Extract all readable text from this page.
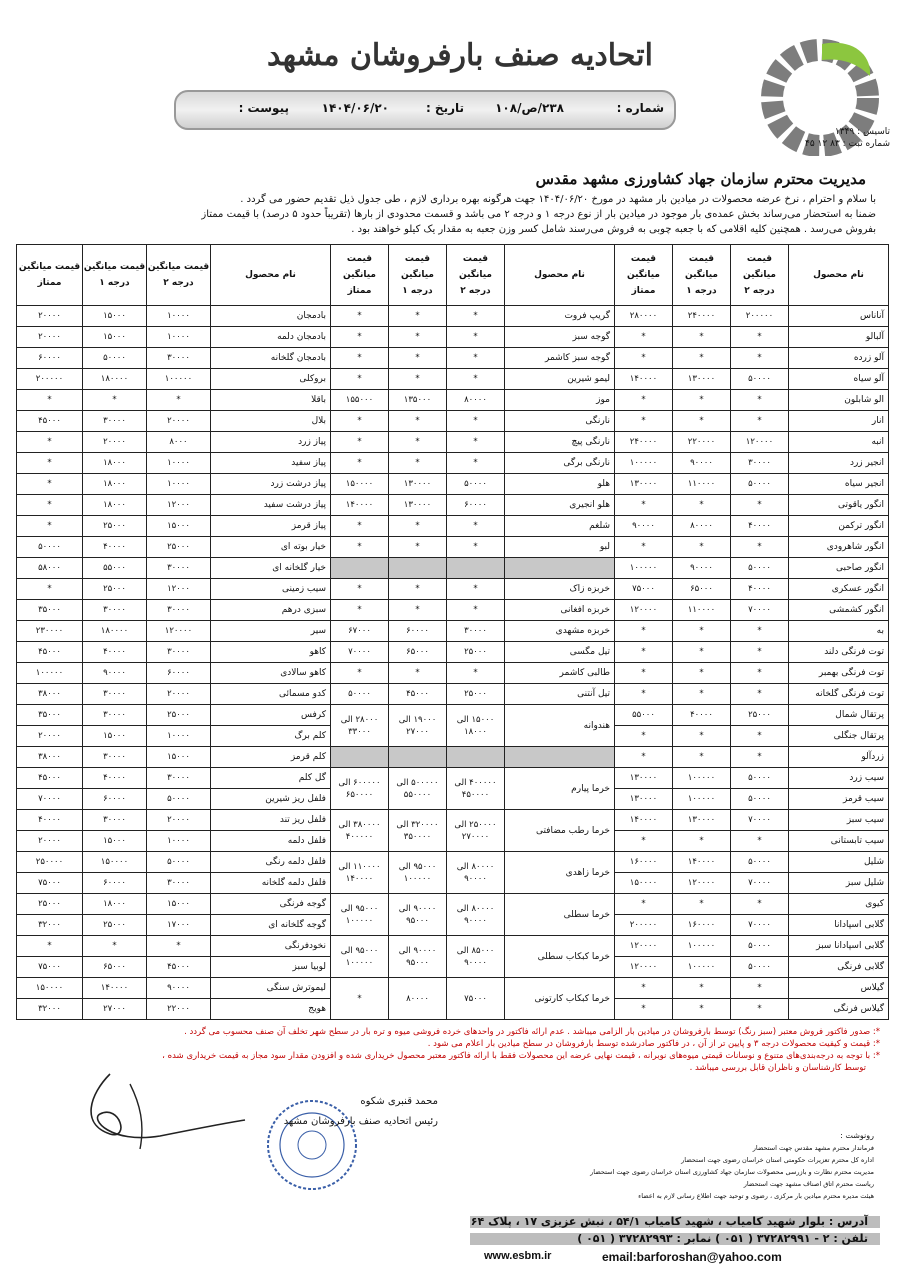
اتحادیه صنف بارفروشان مشهد
شماره :
۲۳۸/ص/۱۰۸
تاریخ :
۱۴۰۴/۰۶/۲۰
پیوست :
تاسیس : ۱۳۴۹
شماره ثبت : ۸۳ ۱۲ ۴۵
مدیریت محترم سازمان جهاد کشاورزی مشهد مقدس
با سلام و احترام ، نرخ عرضه محصولات در میادین بار مشهد در مورخ ۱۴۰۴/۰۶/۲۰ جهت هرگونه بهره برداری لازم ، طی جدول ذیل تقدیم حضور می گردد .
ضمنا به استحضار می‌رساند بخش عمده‌ی بار موجود در میادین بار از نوع درجه ۱ و درجه ۲ می باشد و قسمت محدودی از بارها (تقریباً حدود ۵ درصد) با قیمت ممتاز
بفروش می‌رسد . همچنین کلیه اقلامی که با جعبه چوبی به فروش می‌رسند شامل کسر وزن جعبه به مقدار یک کیلو خواهند بود .
نام محصول	قیمت میانگین درجه ۲	قیمت میانگین درجه ۱	قیمت میانگین ممتاز	نام محصول	قیمت میانگین درجه ۲	قیمت میانگین درجه ۱	قیمت میانگین ممتاز	نام محصول	قیمت میانگین درجه ۲	قیمت میانگین درجه ۱	قیمت میانگین ممتاز
آناناس	۲۰۰۰۰۰	۲۴۰۰۰۰	۲۸۰۰۰۰	گریپ فروت	*	*	*	بادمجان	۱۰۰۰۰	۱۵۰۰۰	۲۰۰۰۰
آلبالو	*	*	*	گوجه سبز	*	*	*	بادمجان دلمه	۱۰۰۰۰	۱۵۰۰۰	۲۰۰۰۰
آلو زرده	*	*	*	گوجه سبز کاشمر	*	*	*	بادمجان گلخانه	۳۰۰۰۰	۵۰۰۰۰	۶۰۰۰۰
آلو سیاه	۵۰۰۰۰	۱۳۰۰۰۰	۱۴۰۰۰۰	لیمو شیرین	*	*	*	بروکلی	۱۰۰۰۰۰	۱۸۰۰۰۰	۲۰۰۰۰۰
الو شابلون	*	*	*	موز	۸۰۰۰۰	۱۳۵۰۰۰	۱۵۵۰۰۰	باقلا	*	*	*
انار	*	*	*	نارنگی	*	*	*	بلال	۲۰۰۰۰	۳۰۰۰۰	۴۵۰۰۰
انبه	۱۲۰۰۰۰	۲۲۰۰۰۰	۲۴۰۰۰۰	نارنگی پیچ	*	*	*	پیاز زرد	۸۰۰۰	۲۰۰۰۰	*
انجیر زرد	۳۰۰۰۰	۹۰۰۰۰	۱۰۰۰۰۰	نارنگی برگی	*	*	*	پیاز سفید	۱۰۰۰۰	۱۸۰۰۰	*
انجیر سیاه	۵۰۰۰۰	۱۱۰۰۰۰	۱۳۰۰۰۰	هلو	۵۰۰۰۰	۱۳۰۰۰۰	۱۵۰۰۰۰	پیاز درشت زرد	۱۰۰۰۰	۱۸۰۰۰	*
انگور یاقوتی	*	*	*	هلو انجیری	۶۰۰۰۰	۱۳۰۰۰۰	۱۴۰۰۰۰	پیاز درشت سفید	۱۲۰۰۰	۱۸۰۰۰	*
انگور ترکمن	۴۰۰۰۰	۸۰۰۰۰	۹۰۰۰۰	شلغم	*	*	*	پیاز قرمز	۱۵۰۰۰	۲۵۰۰۰	*
انگور شاهرودی	*	*	*	لبو	*	*	*	خیار بوته ای	۲۵۰۰۰	۴۰۰۰۰	۵۰۰۰۰
انگور صاحبی	۵۰۰۰۰	۹۰۰۰۰	۱۰۰۰۰۰					خیار گلخانه ای	۳۰۰۰۰	۵۵۰۰۰	۵۸۰۰۰
انگور عسکری	۴۰۰۰۰	۶۵۰۰۰	۷۵۰۰۰	خربزه زاک	*	*	*	سیب زمینی	۱۲۰۰۰	۲۵۰۰۰	*
انگور کشمشی	۷۰۰۰۰	۱۱۰۰۰۰	۱۲۰۰۰۰	خربزه افغانی	*	*	*	سبزی درهم	۳۰۰۰۰	۳۰۰۰۰	۳۵۰۰۰
به	*	*	*	خربزه مشهدی	۳۰۰۰۰	۶۰۰۰۰	۶۷۰۰۰	سیر	۱۲۰۰۰۰	۱۸۰۰۰۰	۲۳۰۰۰۰
توت فرنگی دلند	*	*	*	تیل مگسی	۲۵۰۰۰	۶۵۰۰۰	۷۰۰۰۰	کاهو	۳۰۰۰۰	۴۰۰۰۰	۴۵۰۰۰
توت فرنگی بهمبر	*	*	*	طالبی کاشمر	*	*	*	کاهو سالادی	۶۰۰۰۰	۹۰۰۰۰	۱۰۰۰۰۰
توت فرنگی گلخانه	*	*	*	تیل آنتنی	۲۵۰۰۰	۴۵۰۰۰	۵۰۰۰۰	کدو مسمائی	۲۰۰۰۰	۳۰۰۰۰	۳۸۰۰۰
پرتقال شمال	۲۵۰۰۰	۴۰۰۰۰	۵۵۰۰۰	هندوانه	۱۵۰۰۰ الی ۱۸۰۰۰	۱۹۰۰۰ الی ۲۷۰۰۰	۲۸۰۰۰ الی ۳۳۰۰۰	کرفس	۲۵۰۰۰	۳۰۰۰۰	۳۵۰۰۰
پرتقال جنگلی	*	*	*					کلم برگ	۱۰۰۰۰	۱۵۰۰۰	۲۰۰۰۰
زردآلو	*	*	*					کلم قرمز	۱۵۰۰۰	۳۰۰۰۰	۳۸۰۰۰
سیب زرد	۵۰۰۰۰	۱۰۰۰۰۰	۱۳۰۰۰۰	خرما پیارم	۴۰۰۰۰۰ الی ۴۵۰۰۰۰	۵۰۰۰۰۰ الی ۵۵۰۰۰۰	۶۰۰۰۰۰ الی ۶۵۰۰۰۰	گل کلم	۳۰۰۰۰	۴۰۰۰۰	۴۵۰۰۰
سیب قرمز	۵۰۰۰۰	۱۰۰۰۰۰	۱۳۰۰۰۰					فلفل ریز شیرین	۵۰۰۰۰	۶۰۰۰۰	۷۰۰۰۰
سیب سبز	۷۰۰۰۰	۱۳۰۰۰۰	۱۴۰۰۰۰	خرما رطب مضافتی	۲۵۰۰۰۰ الی ۲۷۰۰۰۰	۳۲۰۰۰۰ الی ۳۵۰۰۰۰	۳۸۰۰۰۰ الی ۴۰۰۰۰۰	فلفل ریز تند	۲۰۰۰۰	۳۰۰۰۰	۴۰۰۰۰
سیب تابستانی	*	*	*					فلفل دلمه	۱۰۰۰۰	۱۵۰۰۰	۲۰۰۰۰
شلیل	۵۰۰۰۰	۱۴۰۰۰۰	۱۶۰۰۰۰	خرما زاهدی	۸۰۰۰۰ الی ۹۰۰۰۰	۹۵۰۰۰ الی ۱۰۰۰۰۰	۱۱۰۰۰۰ الی ۱۴۰۰۰۰	فلفل دلمه رنگی	۵۰۰۰۰	۱۵۰۰۰۰	۲۵۰۰۰۰
شلیل سبز	۷۰۰۰۰	۱۲۰۰۰۰	۱۵۰۰۰۰					فلفل دلمه گلخانه	۳۰۰۰۰	۶۰۰۰۰	۷۵۰۰۰
کیوی	*	*	*	خرما سطلی	۸۰۰۰۰ الی ۹۰۰۰۰	۹۰۰۰۰ الی ۹۵۰۰۰	۹۵۰۰۰ الی ۱۰۰۰۰۰	گوجه فرنگی	۱۵۰۰۰	۱۸۰۰۰	۲۵۰۰۰
گلابی اسپادانا	۷۰۰۰۰	۱۶۰۰۰۰	۲۰۰۰۰۰					گوجه گلخانه ای	۱۷۰۰۰	۲۵۰۰۰	۳۲۰۰۰
گلابی اسپادانا سبز	۵۰۰۰۰	۱۰۰۰۰۰	۱۲۰۰۰۰	خرما کبکاب سطلی	۸۵۰۰۰ الی ۹۰۰۰۰	۹۰۰۰۰ الی ۹۵۰۰۰	۹۵۰۰۰ الی ۱۰۰۰۰۰	نخودفرنگی	*	*	*
گلابی فرنگی	۵۰۰۰۰	۱۰۰۰۰۰	۱۲۰۰۰۰					لوبیا سبز	۴۵۰۰۰	۶۵۰۰۰	۷۵۰۰۰
گیلاس	*	*	*	خرما کبکاب کارتونی	۷۵۰۰۰	۸۰۰۰۰	*	لیموترش سنگی	۹۰۰۰۰	۱۴۰۰۰۰	۱۵۰۰۰۰
گیلاس فرنگی	*	*	*					هویج	۲۲۰۰۰	۲۷۰۰۰	۳۲۰۰۰
*: صدور فاکتور فروش معتبر (سبز رنگ) توسط بارفروشان در میادین بار الزامی میباشد . عدم ارائه فاکتور در واحدهای خرده فروشی میوه و تره بار در سطح شهر تخلف آن صنف محسوب می گردد .
*: قیمت و کیفیت محصولات درجه ۳ و پایین تر از آن ، در فاکتور صادرشده توسط بارفروشان در سطح میادین بار اعلام می شود .
*: با توجه به درجه‌بندی‌های متنوع و نوسانات قیمتی میوه‌های نوبرانه ، قیمت نهایی عرضه این محصولات فقط با ارائه فاکتور معتبر محصول خریداری شده و افزودن مقدار سود مجاز به قیمت خریداری شده ،
توسط کارشناسان و ناظران قابل بررسی میباشد .
محمد قنبری شکوه
رئیس اتحادیه صنف بارفروشان مشهد
رونوشت :
فرماندار محترم مشهد مقدس جهت استحضار
اداره کل محترم تعزیرات حکومتی استان خراسان رضوی جهت استحضار
مدیریت محترم نظارت و بازرسی محصولات سازمان جهاد کشاورزی استان خراسان رضوی جهت استحضار
ریاست محترم اتاق اصناف مشهد جهت استحضار
هیئت مدیره محترم میادین بار مرکزی ، رضوی و توحید جهت اطلاع رسانی لازم به اعضاء
آدرس : بلوار شهید کامیاب ، شهید کامیاب ۵۴/۱ ، نبش عزیزی ۱۷ ، پلاک ۶۴
تلفن : ۲ - ۳۷۲۸۲۹۹۱ ( ۰۵۱ ) نمابر : ۳۷۲۸۲۹۹۳ ( ۰۵۱ )
www.esbm.ir	email:barforoshan@yahoo.com
